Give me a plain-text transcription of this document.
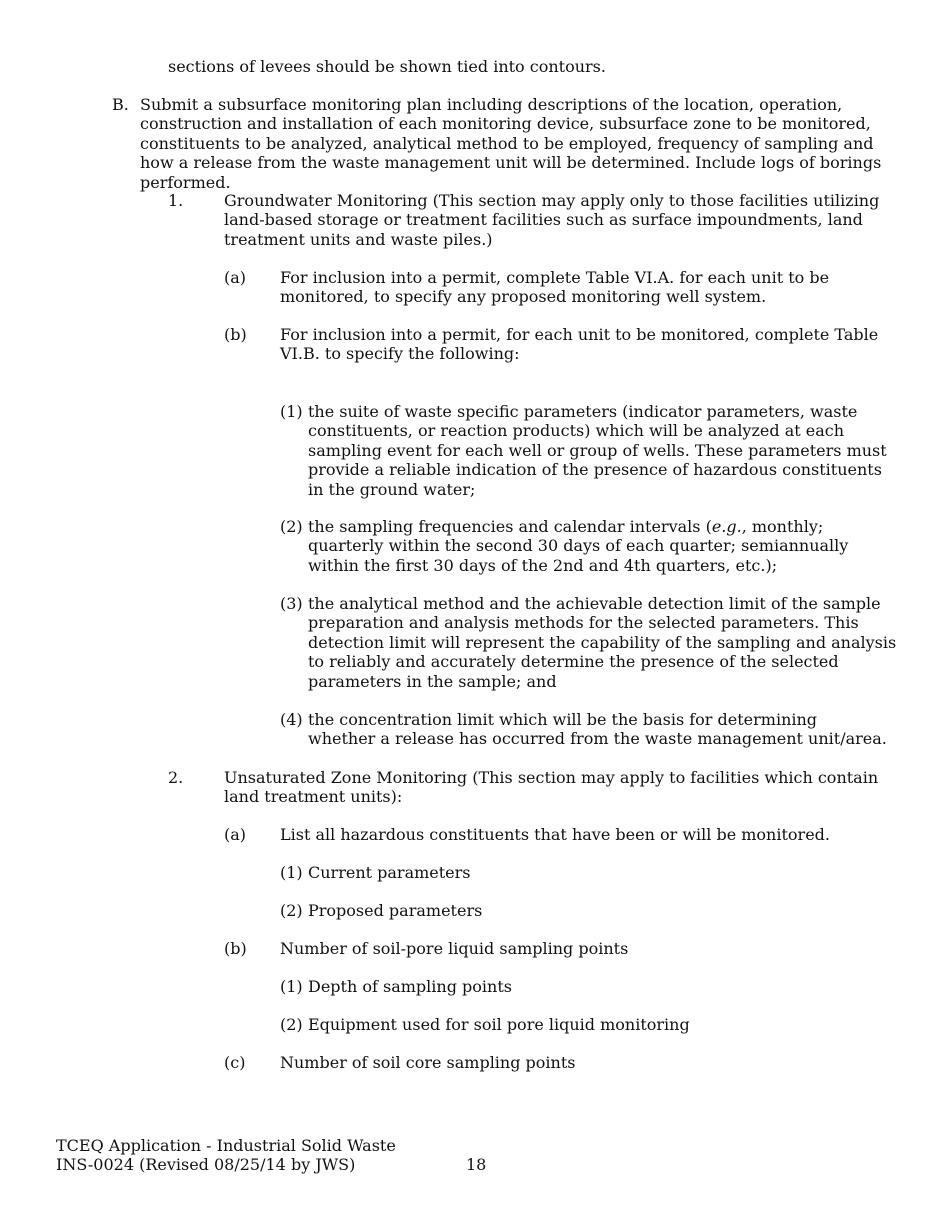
sections of levees should be shown tied into contours.

B. Submit a subsurface monitoring plan including descriptions of the location, operation, construction and installation of each monitoring device, subsurface zone to be monitored, constituents to be analyzed, analytical method to be employed, frequency of sampling and how a release from the waste management unit will be determined. Include logs of borings performed.

1.	Groundwater Monitoring (This section may apply only to those facilities utilizing land-based storage or treatment facilities such as surface impoundments, land treatment units and waste piles.)

(a) For inclusion into a permit, complete Table VI.A. for each unit to be monitored, to specify any proposed monitoring well system.

(b) For inclusion into a permit, for each unit to be monitored, complete Table VI.B. to specify the following:

(1) the suite of waste specific parameters (indicator parameters, waste constituents, or reaction products) which will be analyzed at each sampling event for each well or group of wells. These parameters must provide a reliable indication of the presence of hazardous constituents in the ground water;

(2) the sampling frequencies and calendar intervals (e.g., monthly; quarterly within the second 30 days of each quarter; semiannually within the first 30 days of the 2nd and 4th quarters, etc.);

(3) the analytical method and the achievable detection limit of the sample preparation and analysis methods for the selected parameters. This detection limit will represent the capability of the sampling and analysis to reliably and accurately determine the presence of the selected parameters in the sample; and

(4) the concentration limit which will be the basis for determining whether a release has occurred from the waste management unit/area.

2.	Unsaturated Zone Monitoring (This section may apply to facilities which contain land treatment units):

(a) List all hazardous constituents that have been or will be monitored.

(1) Current parameters

(2) Proposed parameters

(b) Number of soil-pore liquid sampling points

(1) Depth of sampling points

(2) Equipment used for soil pore liquid monitoring

(c) Number of soil core sampling points

TCEQ Application - Industrial Solid Waste

INS-0024 (Revised 08/25/14 by JWS)	18
